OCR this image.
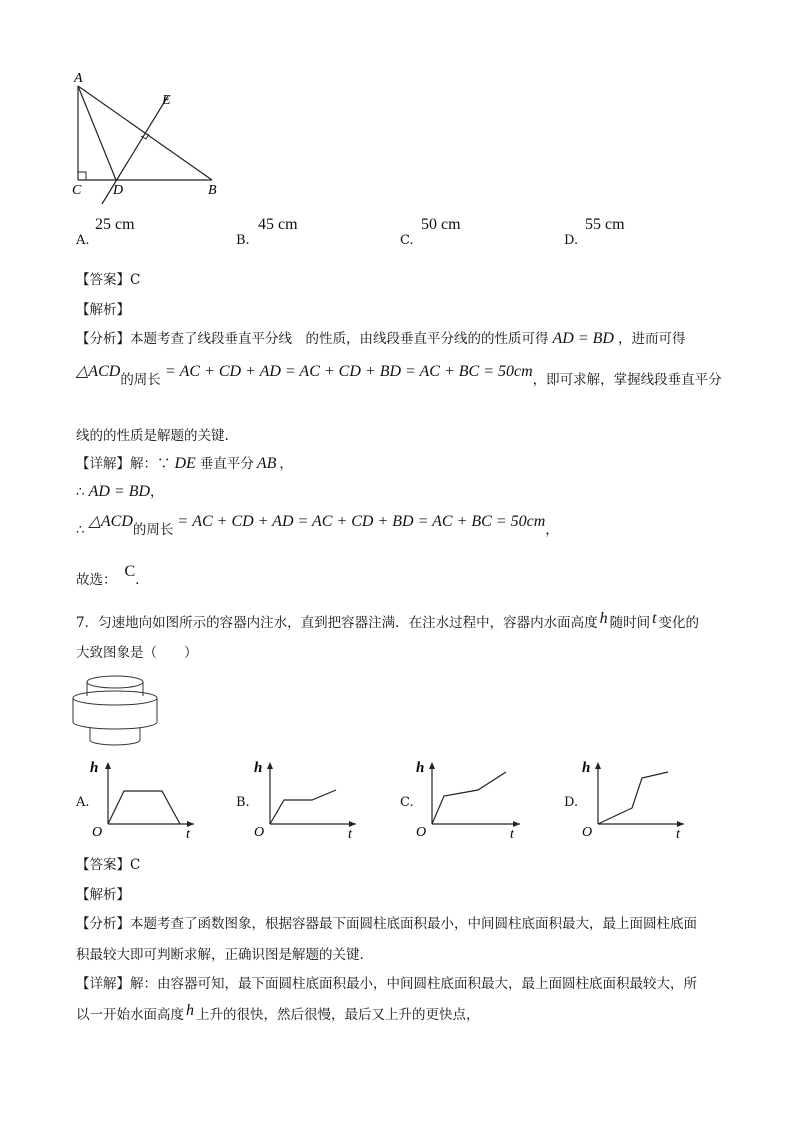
A
E
C D	B
A.
25 cm
B.
45 cm
C.
50 cm
D.
55 cm
【答案】C
【解析】
【分析】本题考查了线段垂直平分线　的性质，由线段垂直平分线的的性质可得 AD = BD ，进而可得
△ACD的周长 = AC + CD + AD = AC + CD + BD = AC + BC = 50cm，即可求解，掌握线段垂直平分
线的的性质是解题的关键.
【详解】解：∵ DE 垂直平分 AB ，
∴ AD = BD，
∴ △ACD的周长 = AC + CD + AD = AC + CD + BD = AC + BC = 50cm，
故选： C.
7．匀速地向如图所示的容器内注水，直到把容器注满．在注水过程中，容器内水面高度 h 随时间 t 变化的
大致图象是（　　）
A.
h
O	t
B.
h
O	t
C.
h
O	t
D.
h
O	t
【答案】C
【解析】
【分析】本题考查了函数图象，根据容器最下面圆柱底面积最小，中间圆柱底面积最大，最上面圆柱底面
积最较大即可判断求解，正确识图是解题的关键.
【详解】解：由容器可知，最下面圆柱底面积最小，中间圆柱底面积最大，最上面圆柱底面积最较大，所
以一开始水面高度 h 上升的很快，然后很慢，最后又上升的更快点，
